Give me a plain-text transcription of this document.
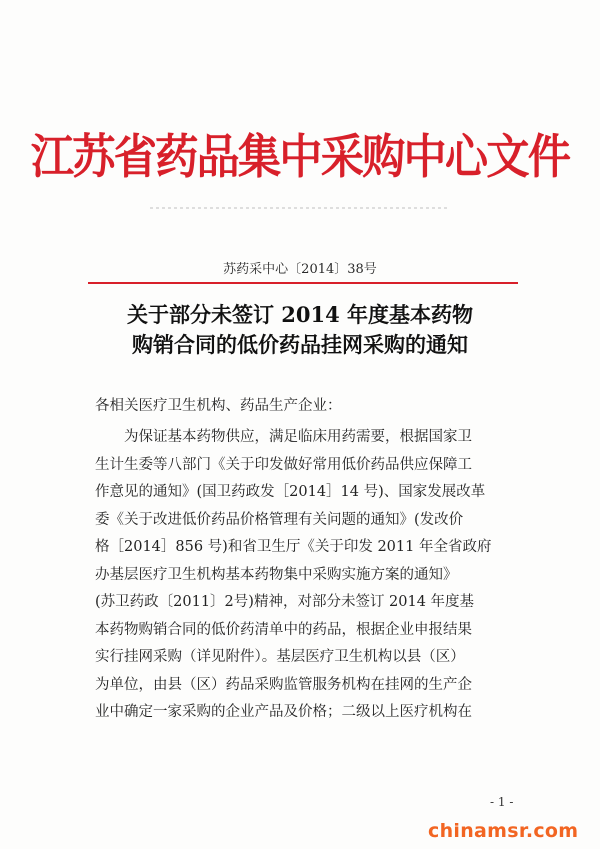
江苏省药品集中采购中心文件
苏药采中心〔2014〕38号
关于部分未签订 2014 年度基本药物
购销合同的低价药品挂网采购的通知
各相关医疗卫生机构、药品生产企业：
为保证基本药物供应，满足临床用药需要，根据国家卫
生计生委等八部门《关于印发做好常用低价药品供应保障工
作意见的通知》(国卫药政发［2014］14 号)、国家发展改革
委《关于改进低价药品价格管理有关问题的通知》(发改价
格［2014］856 号)和省卫生厅《关于印发 2011 年全省政府
办基层医疗卫生机构基本药物集中采购实施方案的通知》
(苏卫药政〔2011〕2号)精神，对部分未签订 2014 年度基
本药物购销合同的低价药清单中的药品，根据企业申报结果
实行挂网采购（详见附件）。基层医疗卫生机构以县（区）
为单位，由县（区）药品采购监管服务机构在挂网的生产企
业中确定一家采购的企业产品及价格；二级以上医疗机构在
- 1 -
chinamsr.com
